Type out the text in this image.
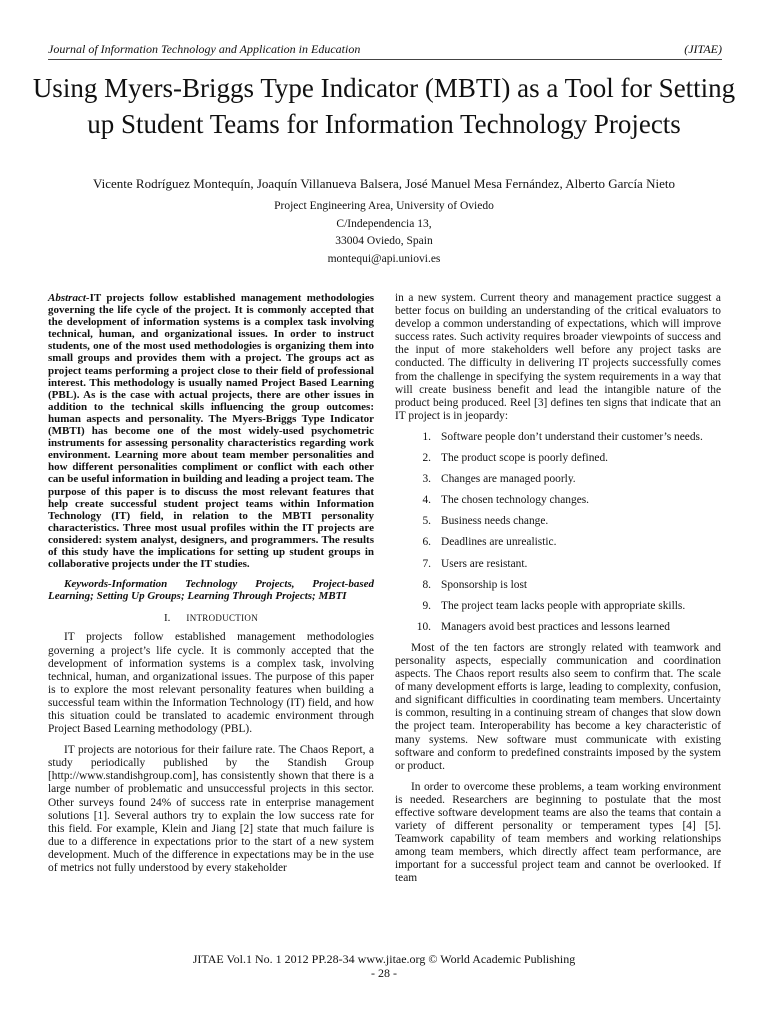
Journal of Information Technology and Application in Education	(JITAE)
Using Myers-Briggs Type Indicator (MBTI) as a Tool for Setting up Student Teams for Information Technology Projects
Vicente Rodríguez Montequín, Joaquín Villanueva Balsera, José Manuel Mesa Fernández, Alberto García Nieto
Project Engineering Area, University of Oviedo
C/Independencia 13,
33004 Oviedo, Spain
montequi@api.uniovi.es

Abstract-IT projects follow established management methodologies governing the life cycle of the project. It is commonly accepted that the development of information systems is a complex task involving technical, human, and organizational issues. In order to instruct students, one of the most used methodologies is organizing them into small groups and provides them with a project. The groups act as project teams performing a project close to their field of professional interest. This methodology is usually named Project Based Learning (PBL). As is the case with actual projects, there are other issues in addition to the technical skills influencing the group outcomes: human aspects and personality. The Myers-Briggs Type Indicator (MBTI) has become one of the most widely-used psychometric instruments for assessing personality characteristics regarding work environment. Learning more about team member personalities and how different personalities compliment or conflict with each other can be useful information in building and leading a project team. The purpose of this paper is to discuss the most relevant features that help create successful student project teams within Information Technology (IT) field, in relation to the MBTI personality characteristics. Three most usual profiles within the IT projects are considered: system analyst, designers, and programmers. The results of this study have the implications for setting up student groups in collaborative projects under the IT studies.

Keywords-Information Technology Projects, Project-based Learning; Setting Up Groups; Learning Through Projects; MBTI

I. INTRODUCTION

IT projects follow established management methodologies governing a project’s life cycle. It is commonly accepted that the development of information systems is a complex task, involving technical, human, and organizational issues. The purpose of this paper is to explore the most relevant personality features when building a successful team within the Information Technology (IT) field, and how this situation could be translated to academic environment through Project Based Learning methodology (PBL).

IT projects are notorious for their failure rate. The Chaos Report, a study periodically published by the Standish Group [http://www.standishgroup.com], has consistently shown that there is a large number of problematic and unsuccessful projects in this sector. Other surveys found 24% of success rate in enterprise management solutions [1]. Several authors try to explain the low success rate for this field. For example, Klein and Jiang [2] state that much failure is due to a difference in expectations prior to the start of a new system development. Much of the difference in expectations may be in the use of metrics not fully understood by every stakeholder

in a new system. Current theory and management practice suggest a better focus on building an understanding of the critical evaluators to develop a common understanding of expectations, which will improve success rates. Such activity requires broader viewpoints of success and the input of more stakeholders well before any project tasks are conducted. The difficulty in delivering IT projects successfully comes from the challenge in specifying the system requirements in a way that will create business benefit and lead the intangible nature of the product being produced. Reel [3] defines ten signs that indicate that an IT project is in jeopardy:

1. Software people don’t understand their customer’s needs.
2. The product scope is poorly defined.
3. Changes are managed poorly.
4. The chosen technology changes.
5. Business needs change.
6. Deadlines are unrealistic.
7. Users are resistant.
8. Sponsorship is lost
9. The project team lacks people with appropriate skills.
10. Managers avoid best practices and lessons learned

Most of the ten factors are strongly related with teamwork and personality aspects, especially communication and coordination aspects. The Chaos report results also seem to confirm that. The scale of many development efforts is large, leading to complexity, confusion, and significant difficulties in coordinating team members. Uncertainty is common, resulting in a continuing stream of changes that slow down the project team. Interoperability has become a key characteristic of many systems. New software must communicate with existing software and conform to predefined constraints imposed by the system or product.

In order to overcome these problems, a team working environment is needed. Researchers are beginning to postulate that the most effective software development teams are also the teams that contain a variety of different personality or temperament types [4] [5]. Teamwork capability of team members and working relationships among team members, which directly affect team performance, are important for a successful project team and cannot be overlooked. If team

JITAE Vol.1 No. 1 2012 PP.28-34 www.jitae.org © World Academic Publishing
- 28 -
